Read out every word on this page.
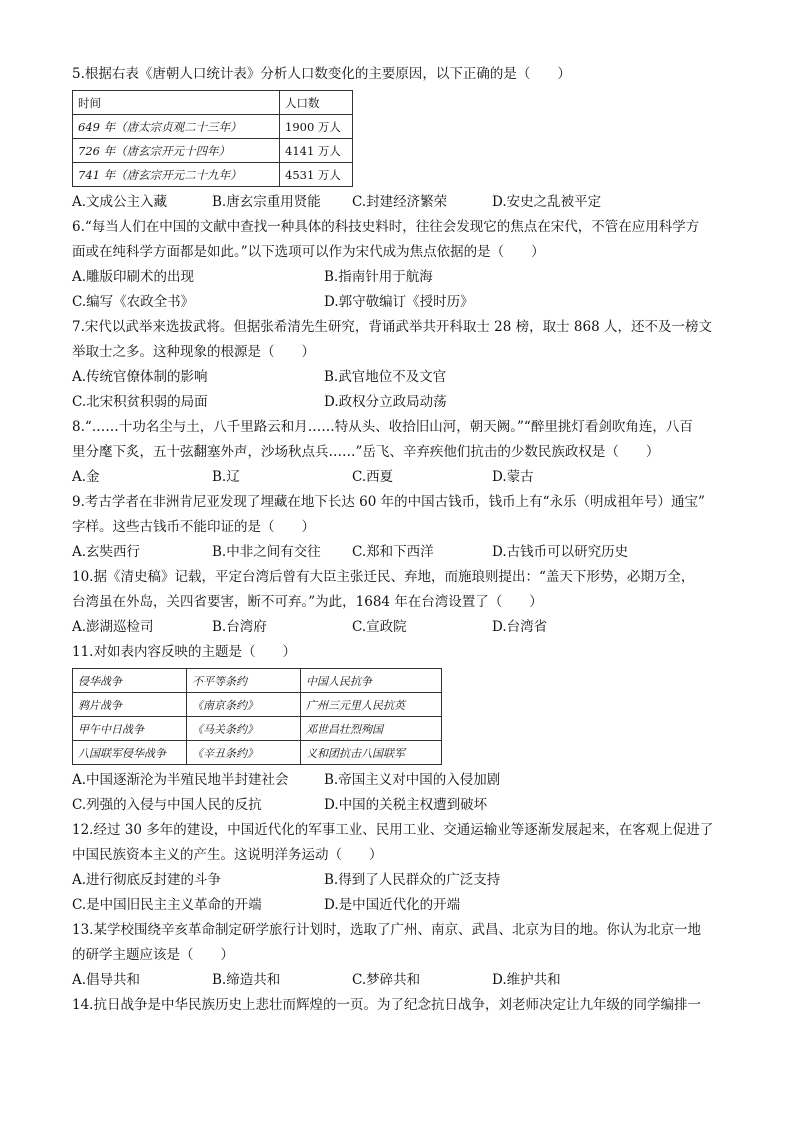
5.根据右表《唐朝人口统计表》分析人口数变化的主要原因，以下正确的是（　　）

时间	人口数
649 年（唐太宗贞观二十三年）	1900 万人
726 年（唐玄宗开元十四年）	4141 万人
741 年（唐玄宗开元二十九年）	4531 万人
A.文成公主入藏	B.唐玄宗重用贤能	C.封建经济繁荣	D.安史之乱被平定

6.“每当人们在中国的文献中查找一种具体的科技史料时，往往会发现它的焦点在宋代，不管在应用科学方
面或在纯科学方面都是如此。”以下选项可以作为宋代成为焦点依据的是（　　）

A.雕版印刷术的出现	B.指南针用于航海
C.编写《农政全书》	D.郭守敬编订《授时历》

7.宋代以武举来选拔武将。但据张希清先生研究，背诵武举共开科取士 28 榜，取士 868 人，还不及一榜文
举取士之多。这种现象的根源是（　　）

A.传统官僚体制的影响	B.武官地位不及文官
C.北宋积贫积弱的局面	D.政权分立政局动荡

8.“……十功名尘与土，八千里路云和月……特从头、收拾旧山河，朝天阙。”“醉里挑灯看剑吹角连，八百
里分麾下炙，五十弦翻塞外声，沙场秋点兵……”岳飞、辛弃疾他们抗击的少数民族政权是（　　）

A.金	B.辽	C.西夏	D.蒙古

9.考古学者在非洲肯尼亚发现了埋藏在地下长达 60 年的中国古钱币，钱币上有“永乐（明成祖年号）通宝”
字样。这些古钱币不能印证的是（　　）

A.玄奘西行	B.中非之间有交往	C.郑和下西洋	D.古钱币可以研究历史

10.据《清史稿》记载，平定台湾后曾有大臣主张迁民、弃地，而施琅则提出：“盖天下形势，必期万全，
台湾虽在外岛，关四省要害，断不可弃。”为此，1684 年在台湾设置了（　　）

A.澎湖巡检司	B.台湾府	C.宣政院	D.台湾省

11.对如表内容反映的主题是（　　）

侵华战争	不平等条约	中国人民抗争
鸦片战争	《南京条约》	广州三元里人民抗英
甲午中日战争	《马关条约》	邓世昌壮烈殉国
八国联军侵华战争	《辛丑条约》	义和团抗击八国联军
A.中国逐渐沦为半殖民地半封建社会	B.帝国主义对中国的入侵加剧
C.列强的入侵与中国人民的反抗	D.中国的关税主权遭到破坏

12.经过 30 多年的建设，中国近代化的军事工业、民用工业、交通运输业等逐渐发展起来，在客观上促进了
中国民族资本主义的产生。这说明洋务运动（　　）

A.进行彻底反封建的斗争	B.得到了人民群众的广泛支持
C.是中国旧民主主义革命的开端	D.是中国近代化的开端

13.某学校围绕辛亥革命制定研学旅行计划时，选取了广州、南京、武昌、北京为目的地。你认为北京一地
的研学主题应该是（　　）

A.倡导共和	B.缔造共和	C.梦碎共和	D.维护共和

14.抗日战争是中华民族历史上悲壮而辉煌的一页。为了纪念抗日战争，刘老师决定让九年级的同学编排一
